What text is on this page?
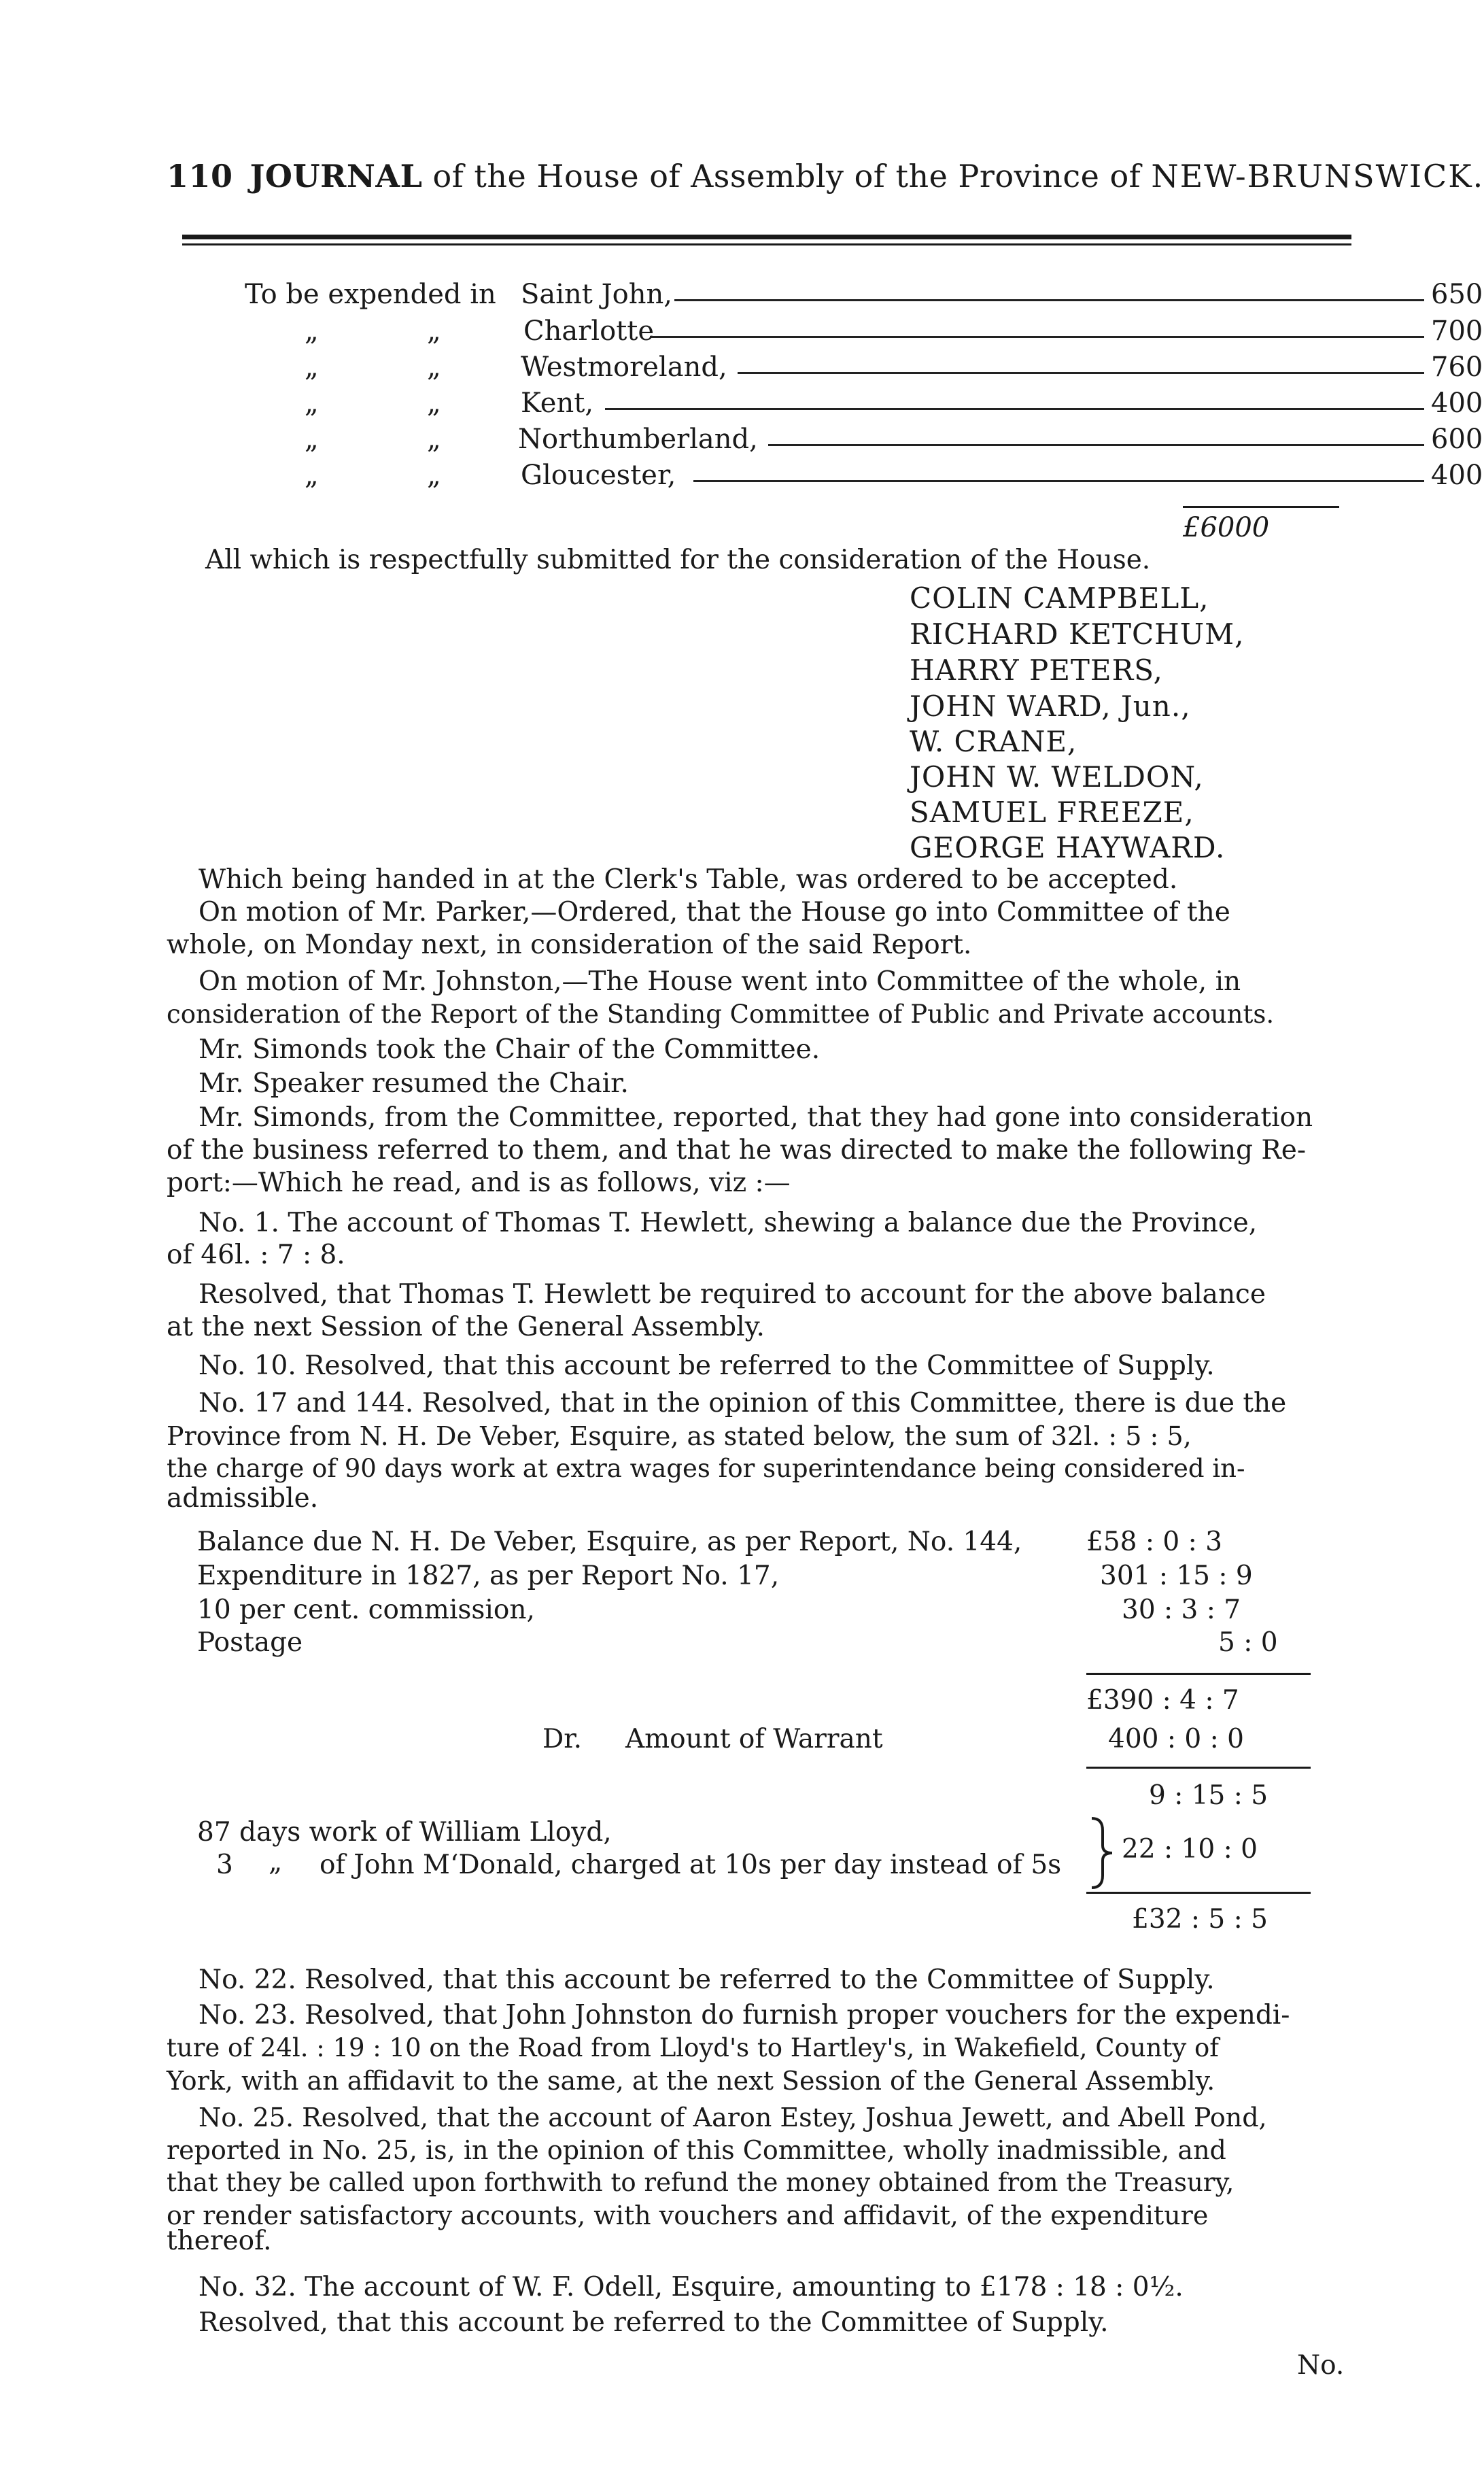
110 JOURNAL of the House of Assembly of the Province of NEW-BRUNSWICK.
To be expended in Saint John,	650
„	„	Charlotte	700
„	„	Westmoreland,	760
„	„	Kent,	400
„	„	Northumberland,	600
„	„	Gloucester,	400
£6000
All which is respectfully submitted for the consideration of the House.
COLIN CAMPBELL,
RICHARD KETCHUM,
HARRY PETERS,
JOHN WARD, Jun.,
W. CRANE,
JOHN W. WELDON,
SAMUEL FREEZE,
GEORGE HAYWARD.
Which being handed in at the Clerk's Table, was ordered to be accepted.
On motion of Mr. Parker,—Ordered, that the House go into Committee of the
whole, on Monday next, in consideration of the said Report.
On motion of Mr. Johnston,—The House went into Committee of the whole, in
consideration of the Report of the Standing Committee of Public and Private accounts.
Mr. Simonds took the Chair of the Committee.
Mr. Speaker resumed the Chair.
Mr. Simonds, from the Committee, reported, that they had gone into consideration
of the business referred to them, and that he was directed to make the following Re-
port:—Which he read, and is as follows, viz :—
No. 1. The account of Thomas T. Hewlett, shewing a balance due the Province,
of 46l. : 7 : 8.
Resolved, that Thomas T. Hewlett be required to account for the above balance
at the next Session of the General Assembly.
No. 10. Resolved, that this account be referred to the Committee of Supply.
No. 17 and 144. Resolved, that in the opinion of this Committee, there is due the
Province from N. H. De Veber, Esquire, as stated below, the sum of 32l. : 5 : 5,
the charge of 90 days work at extra wages for superintendance being considered in-
admissible.
Balance due N. H. De Veber, Esquire, as per Report, No. 144, £58 : 0 : 3
Expenditure in 1827, as per Report No. 17,	301 : 15 : 9
10 per cent. commission,	30 : 3 : 7
Postage	5 : 0
£390 : 4 : 7
Dr. Amount of Warrant	400 : 0 : 0
9 : 15 : 5
87 days work of William Lloyd,
3 „ of John M‘Donald, charged at 10s per day instead of 5s
22 : 10 : 0
£32 : 5 : 5
No. 22. Resolved, that this account be referred to the Committee of Supply.
No. 23. Resolved, that John Johnston do furnish proper vouchers for the expendi-
ture of 24l. : 19 : 10 on the Road from Lloyd's to Hartley's, in Wakefield, County of
York, with an affidavit to the same, at the next Session of the General Assembly.
No. 25. Resolved, that the account of Aaron Estey, Joshua Jewett, and Abell Pond,
reported in No. 25, is, in the opinion of this Committee, wholly inadmissible, and
that they be called upon forthwith to refund the money obtained from the Treasury,
or render satisfactory accounts, with vouchers and affidavit, of the expenditure
thereof.
No. 32. The account of W. F. Odell, Esquire, amounting to £178 : 18 : 0½.
Resolved, that this account be referred to the Committee of Supply.
No.
